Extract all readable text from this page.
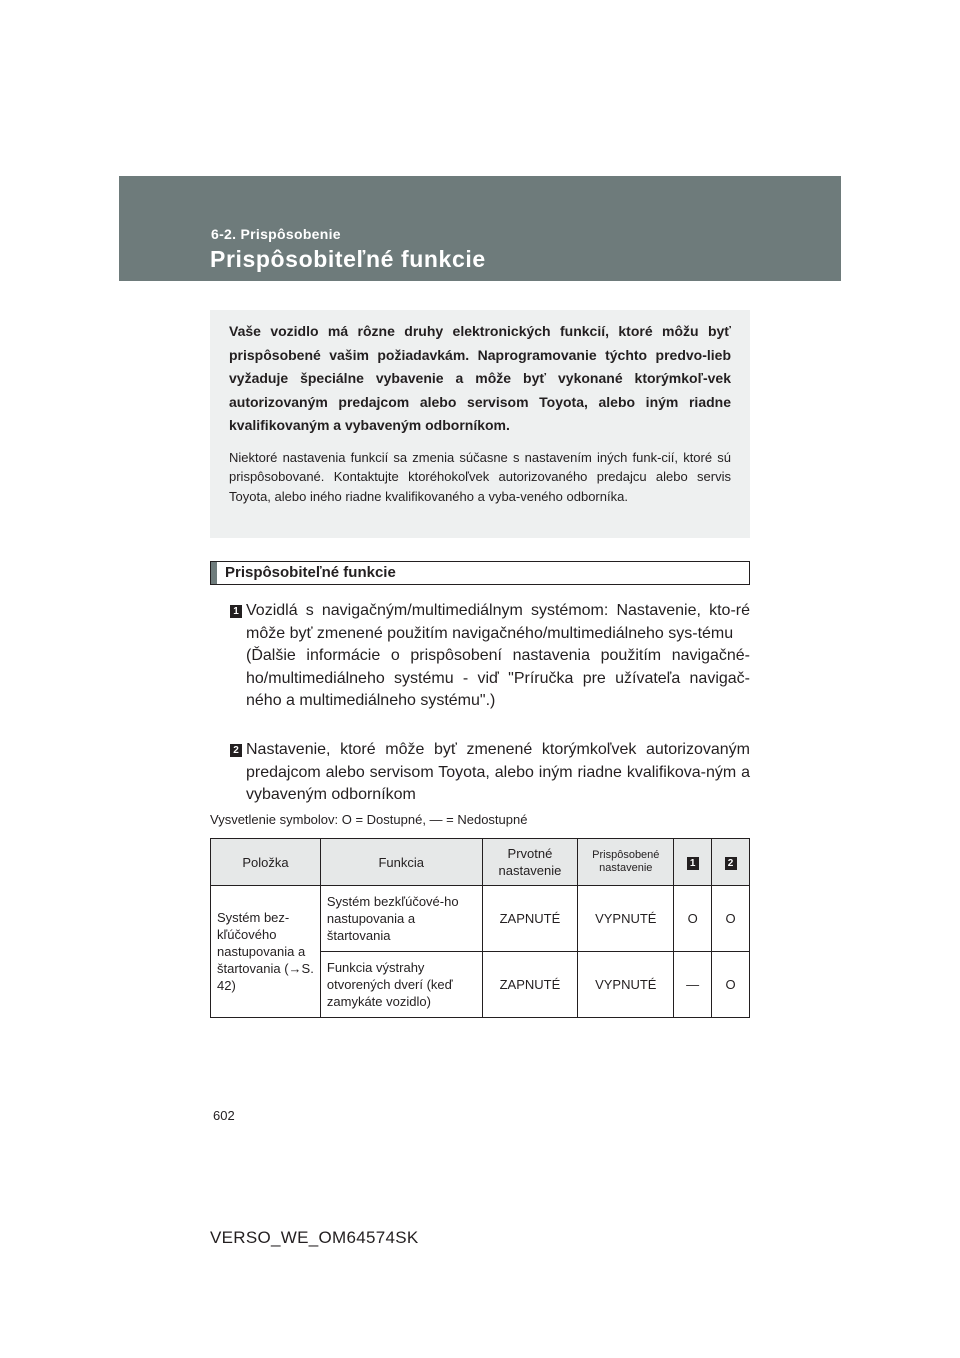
6-2. Prispôsobenie
Prispôsobiteľné funkcie

Vaše vozidlo má rôzne druhy elektronických funkcií, ktoré môžu byť prispôsobené vašim požiadavkám. Naprogramovanie týchto predvo-lieb vyžaduje špeciálne vybavenie a môže byť vykonané ktorýmkoľ-vek autorizovaným predajcom alebo servisom Toyota, alebo iným riadne kvalifikovaným a vybaveným odborníkom.

Niektoré nastavenia funkcií sa zmenia súčasne s nastavením iných funk-cií, ktoré sú prispôsobované. Kontaktujte ktoréhokoľvek autorizovaného predajcu alebo servis Toyota, alebo iného riadne kvalifikovaného a vyba-veného odborníka.

Prispôsobiteľné funkcie
1 Vozidlá s navigačným/multimediálnym systémom: Nastavenie, kto-ré môže byť zmenené použitím navigačného/multimediálneho sys-tému
(Ďalšie informácie o prispôsobení nastavenia použitím navigačné-ho/multimediálneho systému - viď "Príručka pre užívateľa navigač-ného a multimediálneho systému".)
2 Nastavenie, ktoré môže byť zmenené ktorýmkoľvek autorizovaným predajcom alebo servisom Toyota, alebo iným riadne kvalifikova-ným a vybaveným odborníkom
Vysvetlenie symbolov: O = Dostupné, — = Nedostupné
Položka	Funkcia	Prvotné nastavenie	Prispôsobené nastavenie	1	2
Systém bez-kľúčového nastupovania a štartovania (→S. 42)	Systém bezkľúčové-ho nastupovania a štartovania	ZAPNUTÉ	VYPNUTÉ	O	O
	Funkcia výstrahy otvorených dverí (keď zamykáte vozidlo)	ZAPNUTÉ	VYPNUTÉ	—	O
602
VERSO_WE_OM64574SK
